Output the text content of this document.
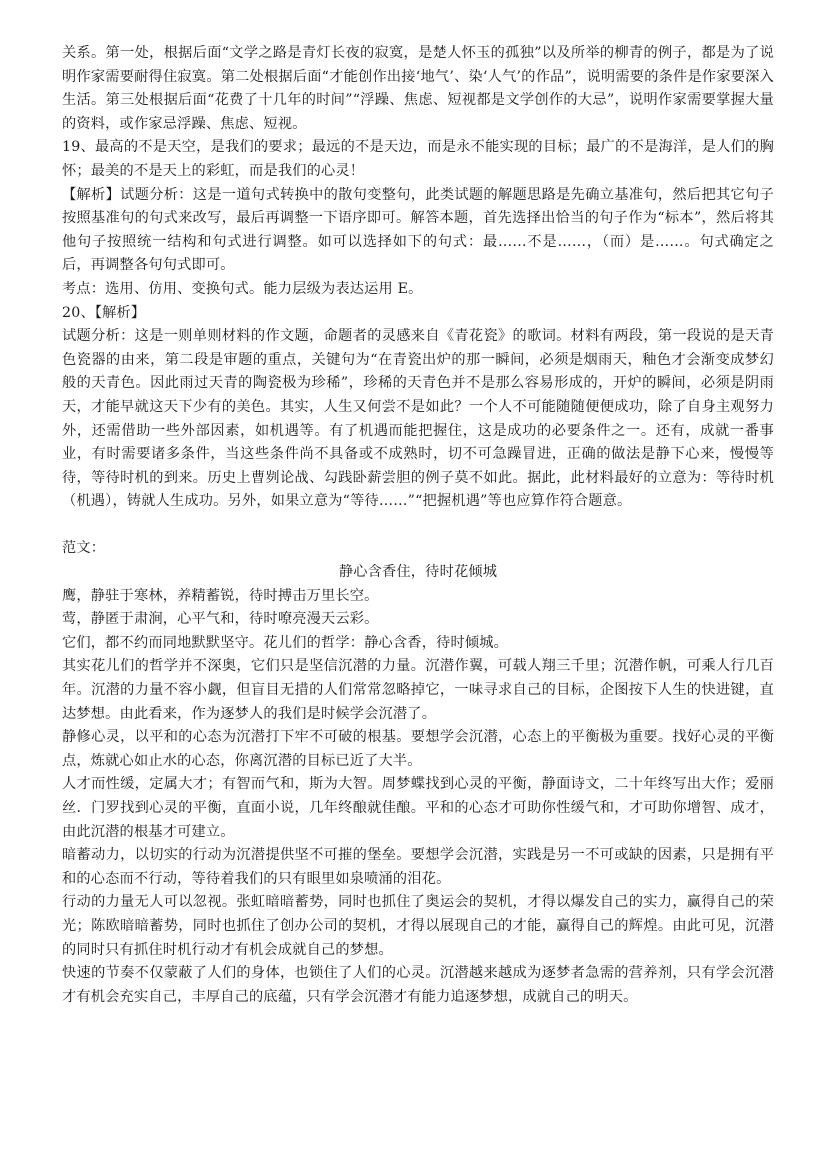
关系。第一处，根据后面“文学之路是青灯长夜的寂寞，是楚人怀玉的孤独”以及所举的柳青的例子，都是为了说明作家需要耐得住寂寞。第二处根据后面“才能创作出接‘地气’、染‘人气’的作品”，说明需要的条件是作家要深入生活。第三处根据后面“花费了十几年的时间”“浮躁、焦虑、短视都是文学创作的大忌”，说明作家需要掌握大量的资料，或作家忌浮躁、焦虑、短视。

19、最高的不是天空，是我们的要求；最远的不是天边，而是永不能实现的目标；最广的不是海洋，是人们的胸怀；最美的不是天上的彩虹，而是我们的心灵！

【解析】试题分析：这是一道句式转换中的散句变整句，此类试题的解题思路是先确立基准句，然后把其它句子按照基准句的句式来改写，最后再调整一下语序即可。解答本题，首先选择出恰当的句子作为“标本”，然后将其他句子按照统一结构和句式进行调整。如可以选择如下的句式：最……不是……，（而）是……。句式确定之后，再调整各句句式即可。

考点：选用、仿用、变换句式。能力层级为表达运用 E。

20、【解析】

试题分析：这是一则单则材料的作文题，命题者的灵感来自《青花瓷》的歌词。材料有两段，第一段说的是天青色瓷器的由来，第二段是审题的重点，关键句为“在青瓷出炉的那一瞬间，必须是烟雨天，釉色才会渐变成梦幻般的天青色。因此雨过天青的陶瓷极为珍稀”，珍稀的天青色并不是那么容易形成的，开炉的瞬间，必须是阴雨天，才能早就这天下少有的美色。其实，人生又何尝不是如此？一个人不可能随随便便成功，除了自身主观努力外，还需借助一些外部因素，如机遇等。有了机遇而能把握住，这是成功的必要条件之一。还有，成就一番事业，有时需要诸多条件，当这些条件尚不具备或不成熟时，切不可急躁冒进，正确的做法是静下心来，慢慢等待，等待时机的到来。历史上曹刿论战、勾践卧薪尝胆的例子莫不如此。据此，此材料最好的立意为：等待时机（机遇），铸就人生成功。另外，如果立意为“等待……”“把握机遇”等也应算作符合题意。

范文：

静心含香住，待时花倾城

鹰，静驻于寒林，养精蓄锐，待时搏击万里长空。

莺，静匿于肃涧，心平气和，待时嘹亮漫天云彩。

它们，都不约而同地默默坚守。花儿们的哲学：静心含香，待时倾城。

其实花儿们的哲学并不深奥，它们只是坚信沉潜的力量。沉潜作翼，可载人翔三千里；沉潜作帆，可乘人行几百年。沉潜的力量不容小觑，但盲目无措的人们常常忽略掉它，一味寻求自己的目标，企图按下人生的快进键，直达梦想。由此看来，作为逐梦人的我们是时候学会沉潜了。

静修心灵，以平和的心态为沉潜打下牢不可破的根基。要想学会沉潜，心态上的平衡极为重要。找好心灵的平衡点，炼就心如止水的心态，你离沉潜的目标已近了大半。

人才而性缓，定属大才；有智而气和，斯为大智。周梦蝶找到心灵的平衡，静面诗文，二十年终写出大作；爱丽丝．门罗找到心灵的平衡，直面小说，几年终酿就佳酿。平和的心态才可助你性缓气和，才可助你增智、成才，由此沉潜的根基才可建立。

暗蓄动力，以切实的行动为沉潜提供坚不可摧的堡垒。要想学会沉潜，实践是另一不可或缺的因素，只是拥有平和的心态而不行动，等待着我们的只有眼里如泉喷涌的泪花。

行动的力量无人可以忽视。张虹暗暗蓄势，同时也抓住了奥运会的契机，才得以爆发自己的实力，赢得自己的荣光；陈欧暗暗蓄势，同时也抓住了创办公司的契机，才得以展现自己的才能，赢得自己的辉煌。由此可见，沉潜的同时只有抓住时机行动才有机会成就自己的梦想。

快速的节奏不仅蒙蔽了人们的身体，也锁住了人们的心灵。沉潜越来越成为逐梦者急需的营养剂，只有学会沉潜才有机会充实自己，丰厚自己的底蕴，只有学会沉潜才有能力追逐梦想，成就自己的明天。
